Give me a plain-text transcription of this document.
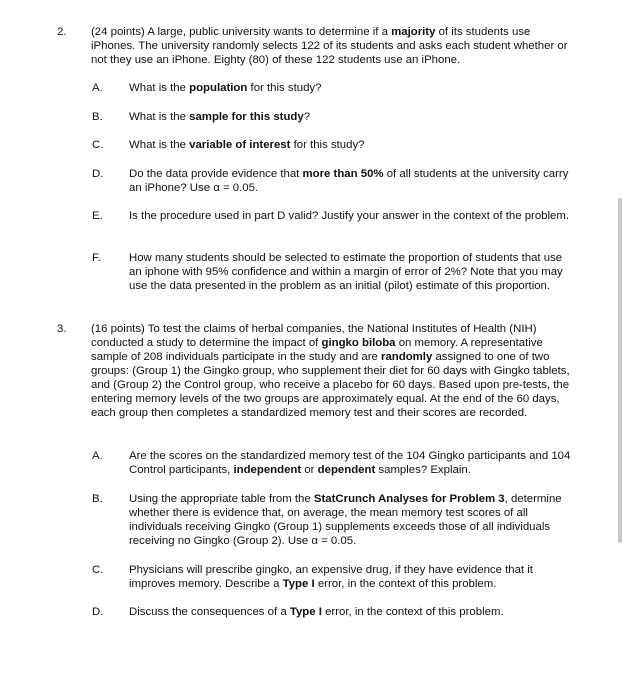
2. (24 points) A large, public university wants to determine if a majority of its students use iPhones. The university randomly selects 122 of its students and asks each student whether or not they use an iPhone. Eighty (80) of these 122 students use an iPhone.
A. What is the population for this study?
B. What is the sample for this study?
C. What is the variable of interest for this study?
D. Do the data provide evidence that more than 50% of all students at the university carry an iPhone? Use α = 0.05.
E. Is the procedure used in part D valid? Justify your answer in the context of the problem.
F. How many students should be selected to estimate the proportion of students that use an iphone with 95% confidence and within a margin of error of 2%? Note that you may use the data presented in the problem as an initial (pilot) estimate of this proportion.
3. (16 points) To test the claims of herbal companies, the National Institutes of Health (NIH) conducted a study to determine the impact of gingko biloba on memory. A representative sample of 208 individuals participate in the study and are randomly assigned to one of two groups: (Group 1) the Gingko group, who supplement their diet for 60 days with Gingko tablets, and (Group 2) the Control group, who receive a placebo for 60 days. Based upon pre-tests, the entering memory levels of the two groups are approximately equal. At the end of the 60 days, each group then completes a standardized memory test and their scores are recorded.
A. Are the scores on the standardized memory test of the 104 Gingko participants and 104 Control participants, independent or dependent samples? Explain.
B. Using the appropriate table from the StatCrunch Analyses for Problem 3, determine whether there is evidence that, on average, the mean memory test scores of all individuals receiving Gingko (Group 1) supplements exceeds those of all individuals receiving no Gingko (Group 2). Use α = 0.05.
C. Physicians will prescribe gingko, an expensive drug, if they have evidence that it improves memory. Describe a Type I error, in the context of this problem.
D. Discuss the consequences of a Type I error, in the context of this problem.
